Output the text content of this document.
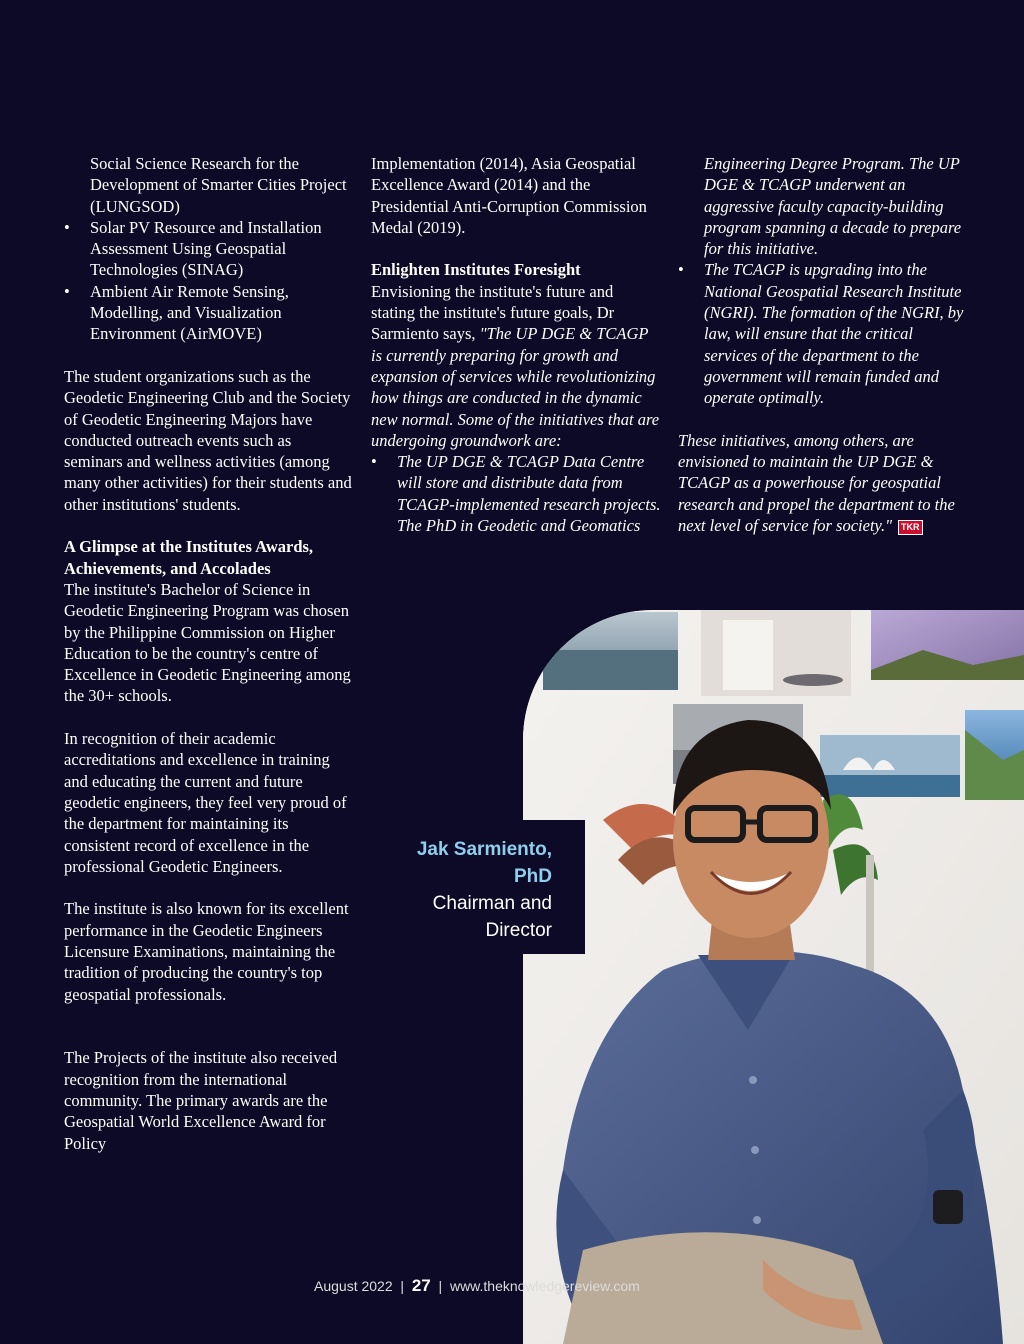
Social Science Research for the Development of Smarter Cities Project (LUNGSOD)

• Solar PV Resource and Installation Assessment Using Geospatial Technologies (SINAG)

• Ambient Air Remote Sensing, Modelling, and Visualization Environment (AirMOVE)

The student organizations such as the Geodetic Engineering Club and the Society of Geodetic Engineering Majors have conducted outreach events such as seminars and wellness activities (among many other activities) for their students and other institutions' students.

A Glimpse at the Institutes Awards, Achievements, and Accolades

The institute's Bachelor of Science in Geodetic Engineering Program was chosen by the Philippine Commission on Higher Education to be the country's centre of Excellence in Geodetic Engineering among the 30+ schools.

In recognition of their academic accreditations and excellence in training and educating the current and future geodetic engineers, they feel very proud of the department for maintaining its consistent record of excellence in the professional Geodetic Engineers.

The institute is also known for its excellent performance in the Geodetic Engineers Licensure Examinations, maintaining the tradition of producing the country's top geospatial professionals.

The Projects of the institute also received recognition from the international community. The primary awards are the Geospatial World Excellence Award for Policy

Implementation (2014), Asia Geospatial Excellence Award (2014) and the Presidential Anti-Corruption Commission Medal (2019).

Enlighten Institutes Foresight

Envisioning the institute's future and stating the institute's future goals, Dr Sarmiento says, "The UP DGE & TCAGP is currently preparing for growth and expansion of services while revolutionizing how things are conducted in the dynamic new normal. Some of the initiatives that are undergoing groundwork are:

• The UP DGE & TCAGP Data Centre will store and distribute data from TCAGP-implemented research projects. The PhD in Geodetic and Geomatics

Engineering Degree Program. The UP DGE & TCAGP underwent an aggressive faculty capacity-building program spanning a decade to prepare for this initiative.

• The TCAGP is upgrading into the National Geospatial Research Institute (NGRI). The formation of the NGRI, by law, will ensure that the critical services of the department to the government will remain funded and operate optimally.

These initiatives, among others, are envisioned to maintain the UP DGE & TCAGP as a powerhouse for geospatial research and propel the department to the next level of service for society." TKR

Jak Sarmiento, PhD
Chairman and Director
August 2022 | 27 | www.theknowledgereview.com
